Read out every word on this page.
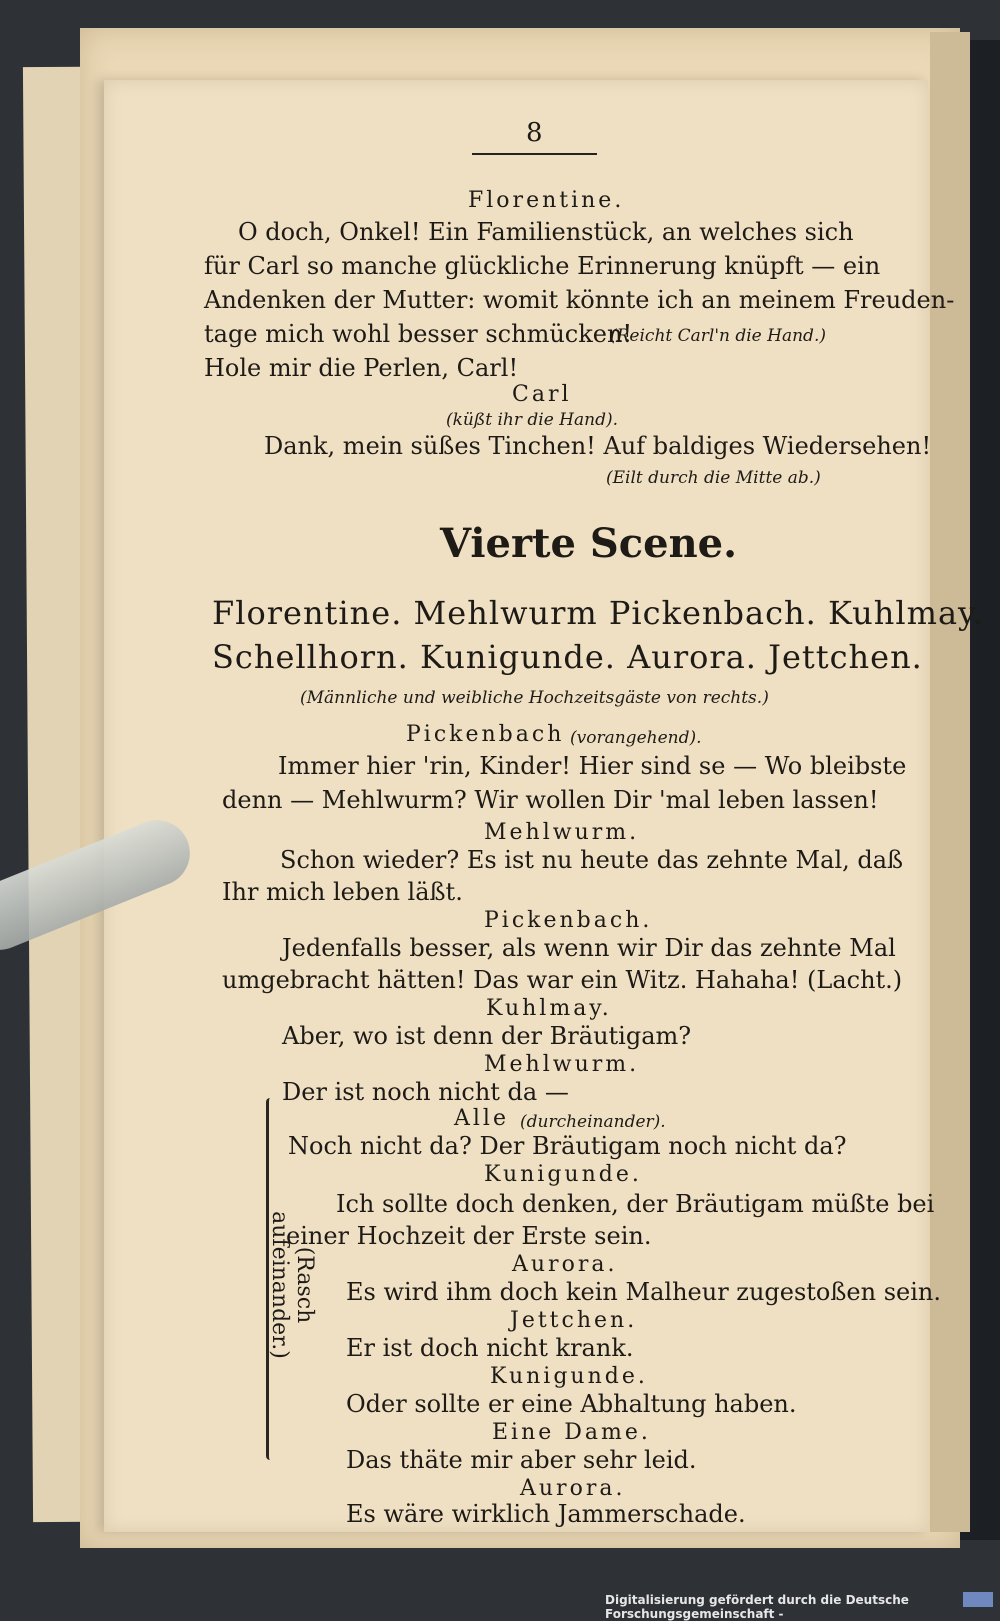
8
Florentine.
O doch, Onkel! Ein Familienstück, an welches sich
für Carl so manche glückliche Erinnerung knüpft — ein
Andenken der Mutter: womit könnte ich an meinem Freuden-
tage mich wohl besser schmücken!
(Reicht Carl'n die Hand.)
Hole mir die Perlen, Carl!
Carl
(küßt ihr die Hand).
Dank, mein süßes Tinchen! Auf baldiges Wiedersehen!
(Eilt durch die Mitte ab.)
Vierte Scene.
Florentine. Mehlwurm Pickenbach. Kuhlmay.
Schellhorn. Kunigunde. Aurora. Jettchen.
(Männliche und weibliche Hochzeitsgäste von rechts.)
Pickenbach (vorangehend).
Immer hier 'rin, Kinder! Hier sind se — Wo bleibste
denn — Mehlwurm? Wir wollen Dir 'mal leben lassen!
Mehlwurm.
Schon wieder? Es ist nu heute das zehnte Mal, daß
Ihr mich leben läßt.
Pickenbach.
Jedenfalls besser, als wenn wir Dir das zehnte Mal
umgebracht hätten! Das war ein Witz. Hahaha! (Lacht.)
Kuhlmay.
Aber, wo ist denn der Bräutigam?
Mehlwurm.
Der ist noch nicht da —
Alle (durcheinander).
Noch nicht da? Der Bräutigam noch nicht da?
Kunigunde.
Ich sollte doch denken, der Bräutigam müßte bei
einer Hochzeit der Erste sein.
Aurora.
Es wird ihm doch kein Malheur zugestoßen sein.
Jettchen.
Er ist doch nicht krank.
Kunigunde.
Oder sollte er eine Abhaltung haben.
Eine Dame.
Das thäte mir aber sehr leid.
Aurora.
Es wäre wirklich Jammerschade.
(Rasch aufeinander.)
Digitalisierung gefördert durch die Deutsche Forschungsgemeinschaft -
